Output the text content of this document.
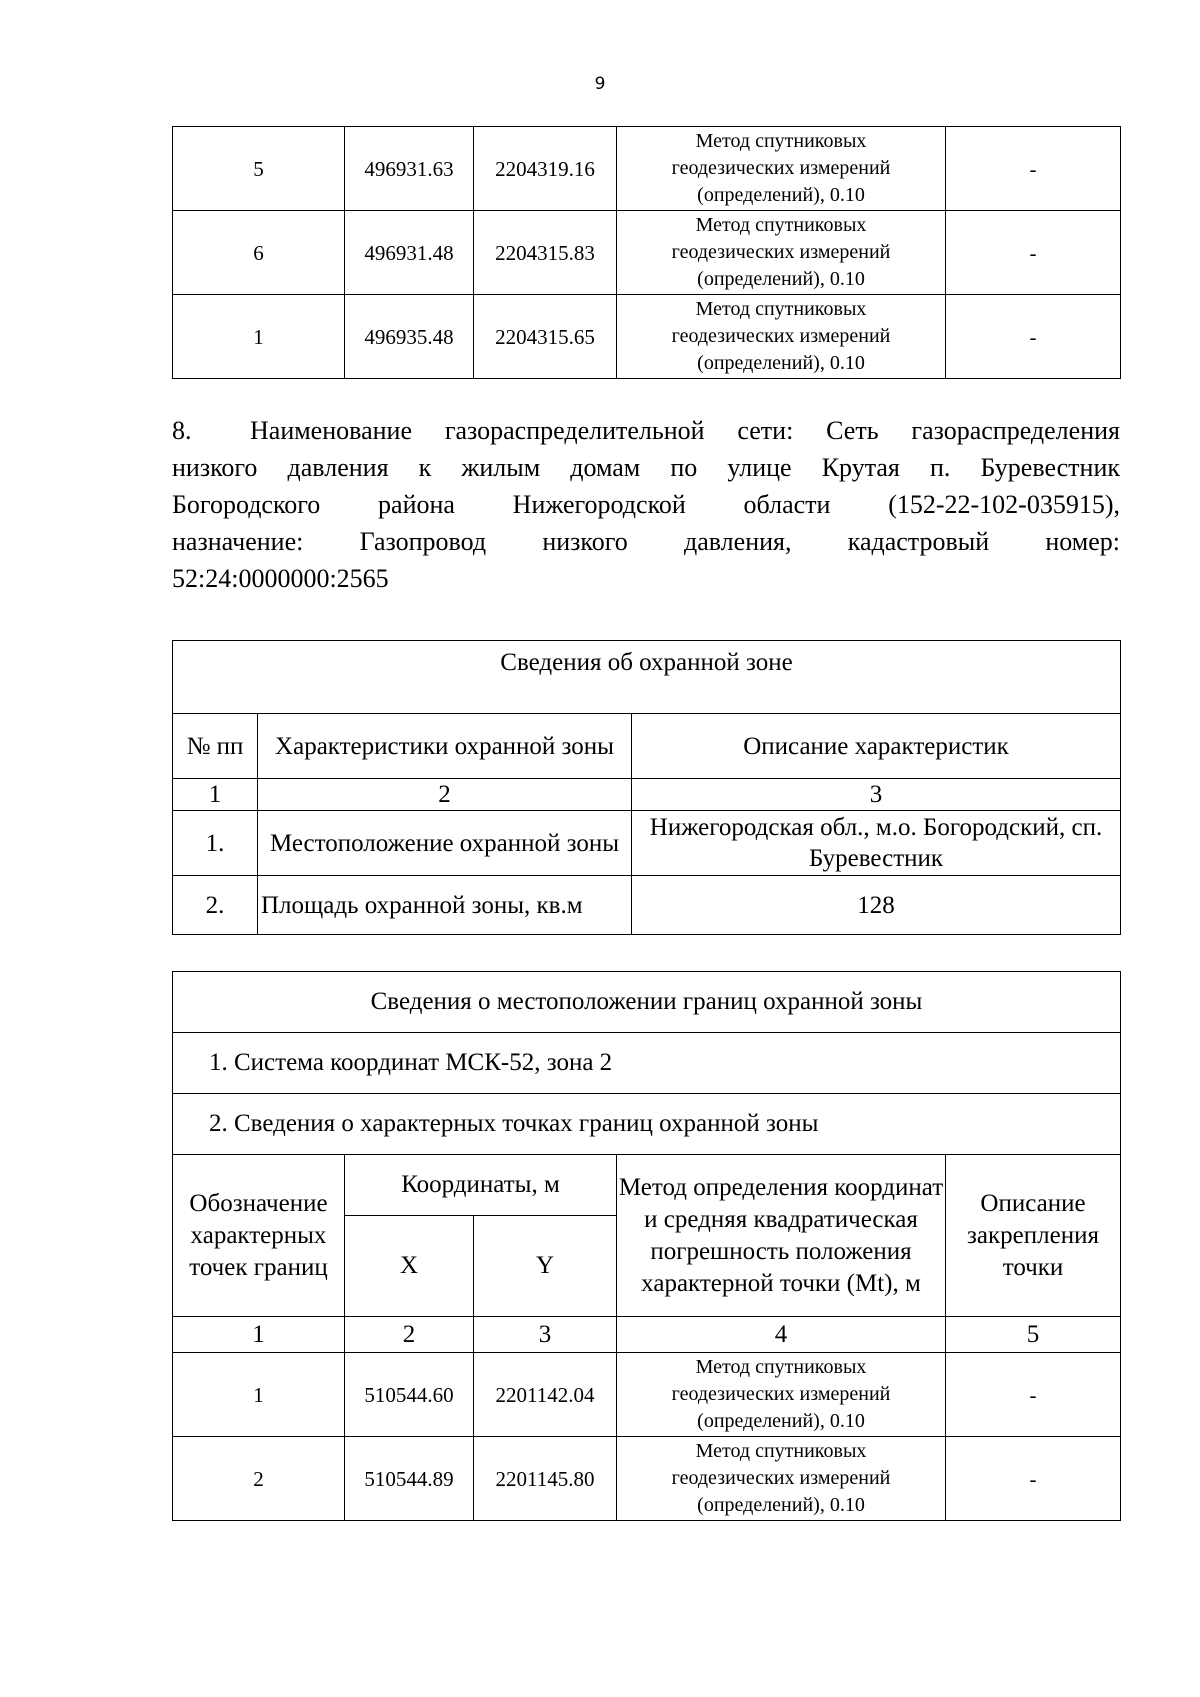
9
5	496931.63	2204319.16	Метод спутниковых
геодезических измерений
(определений), 0.10	-
6	496931.48	2204315.83	Метод спутниковых
геодезических измерений
(определений), 0.10	-
1	496935.48	2204315.65	Метод спутниковых
геодезических измерений
(определений), 0.10	-
8. Наименование газораспределительной сети: Сеть газораспределения
низкого давления к жилым домам по улице Крутая п. Буревестник
Богородского района Нижегородской области (152-22-102-035915),
назначение: Газопровод низкого давления, кадастровый номер:
52:24:0000000:2565
Сведения об охранной зоне		
№ пп	Характеристики охранной зоны	Описание характеристик
1	2	3
1.	Местоположение охранной зоны	Нижегородская обл., м.о. Богородский, сп. Буревестник
2.	Площадь охранной зоны, кв.м	128
Сведения о местоположении границ охранной зоны				
1. Система координат МСК-52, зона 2				
2. Сведения о характерных точках границ охранной зоны				
Обозначение характерных точек границ	Координаты, м		Метод определения координат и средняя квадратическая погрешность положения характерной точки (Mt), м	Описание закрепления точки
	X	Y		
1	2	3	4	5
1	510544.60	2201142.04	Метод спутниковых
геодезических измерений
(определений), 0.10	-
2	510544.89	2201145.80	Метод спутниковых
геодезических измерений
(определений), 0.10	-
